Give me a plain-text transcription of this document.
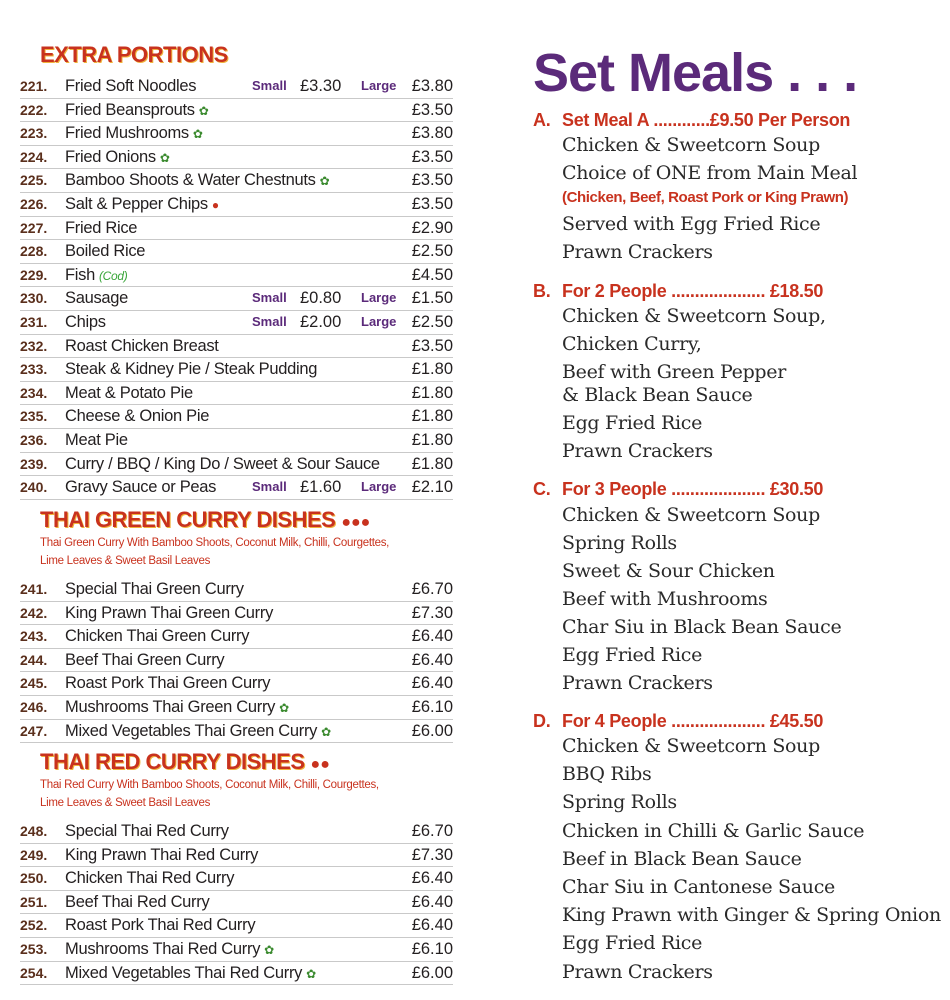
EXTRA PORTIONS
221. Fried Soft Noodles	Small £3.30 Large £3.80
222. Fried Beansprouts ✿	£3.50
223. Fried Mushrooms ✿	£3.80
224. Fried Onions ✿	£3.50
225. Bamboo Shoots & Water Chestnuts ✿	£3.50
226. Salt & Pepper Chips ●	£3.50
227. Fried Rice	£2.90
228. Boiled Rice	£2.50
229. Fish (Cod)	£4.50
230. Sausage	Small £0.80 Large £1.50
231. Chips	Small £2.00 Large £2.50
232. Roast Chicken Breast	£3.50
233. Steak & Kidney Pie / Steak Pudding	£1.80
234. Meat & Potato Pie	£1.80
235. Cheese & Onion Pie	£1.80
236. Meat Pie	£1.80
239. Curry / BBQ / King Do / Sweet & Sour Sauce £1.80
240. Gravy Sauce or Peas	Small £1.60 Large £2.10
THAI GREEN CURRY DISHES ●●●
Thai Green Curry With Bamboo Shoots, Coconut Milk, Chilli, Courgettes, Lime Leaves & Sweet Basil Leaves
241. Special Thai Green Curry	£6.70
242. King Prawn Thai Green Curry	£7.30
243. Chicken Thai Green Curry	£6.40
244. Beef Thai Green Curry	£6.40
245. Roast Pork Thai Green Curry	£6.40
246. Mushrooms Thai Green Curry ✿	£6.10
247. Mixed Vegetables Thai Green Curry ✿	£6.00
THAI RED CURRY DISHES ●●
Thai Red Curry With Bamboo Shoots, Coconut Milk, Chilli, Courgettes, Lime Leaves & Sweet Basil Leaves
248. Special Thai Red Curry	£6.70
249. King Prawn Thai Red Curry	£7.30
250. Chicken Thai Red Curry	£6.40
251. Beef Thai Red Curry	£6.40
252. Roast Pork Thai Red Curry	£6.40
253. Mushrooms Thai Red Curry ✿	£6.10
254. Mixed Vegetables Thai Red Curry ✿	£6.00
Set Meals . . .
A. Set Meal A ............£9.50 Per Person
Chicken & Sweetcorn Soup
Choice of ONE from Main Meal
(Chicken, Beef, Roast Pork or King Prawn)
Served with Egg Fried Rice
Prawn Crackers
B. For 2 People .................... £18.50
Chicken & Sweetcorn Soup,
Chicken Curry,
Beef with Green Pepper
& Black Bean Sauce
Egg Fried Rice
Prawn Crackers
C. For 3 People .................... £30.50
Chicken & Sweetcorn Soup
Spring Rolls
Sweet & Sour Chicken
Beef with Mushrooms
Char Siu in Black Bean Sauce
Egg Fried Rice
Prawn Crackers
D. For 4 People .................... £45.50
Chicken & Sweetcorn Soup
BBQ Ribs
Spring Rolls
Chicken in Chilli & Garlic Sauce
Beef in Black Bean Sauce
Char Siu in Cantonese Sauce
King Prawn with Ginger & Spring Onion
Egg Fried Rice
Prawn Crackers
